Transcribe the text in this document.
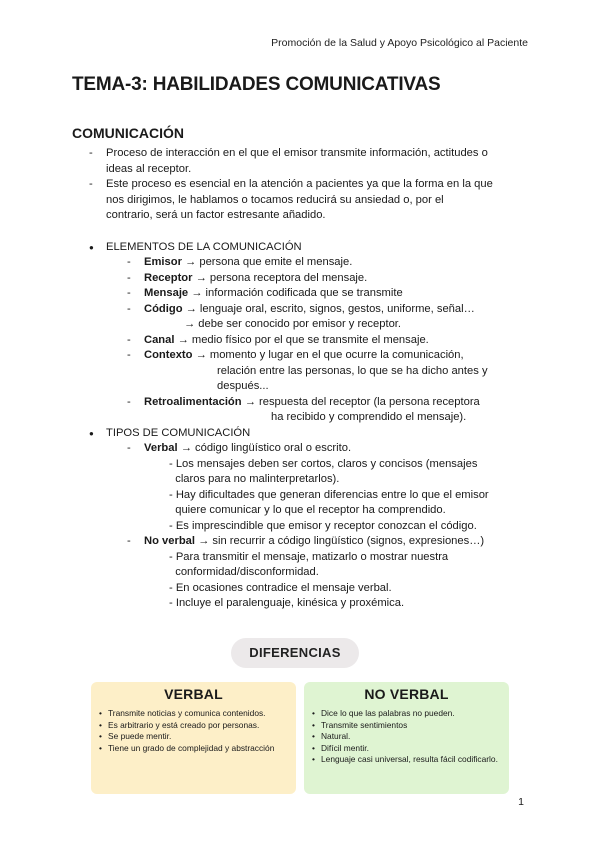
Promoción de la Salud y Apoyo Psicológico al Paciente
TEMA-3: HABILIDADES COMUNICATIVAS
COMUNICACIÓN
- Proceso de interacción en el que el emisor transmite información, actitudes o
ideas al receptor.
- Este proceso es esencial en la atención a pacientes ya que la forma en la que
nos dirigimos, le hablamos o tocamos reducirá su ansiedad o, por el
contrario, será un factor estresante añadido.
● ELEMENTOS DE LA COMUNICACIÓN
- Emisor → persona que emite el mensaje.
- Receptor → persona receptora del mensaje.
- Mensaje → información codificada que se transmite
- Código → lenguaje oral, escrito, signos, gestos, uniforme, señal…
→ debe ser conocido por emisor y receptor.
- Canal → medio físico por el que se transmite el mensaje.
- Contexto → momento y lugar en el que ocurre la comunicación,
relación entre las personas, lo que se ha dicho antes y
después...
- Retroalimentación → respuesta del receptor (la persona receptora
ha recibido y comprendido el mensaje).
● TIPOS DE COMUNICACIÓN
- Verbal → código lingüístico oral o escrito.
- Los mensajes deben ser cortos, claros y concisos (mensajes
claros para no malinterpretarlos).
- Hay dificultades que generan diferencias entre lo que el emisor
quiere comunicar y lo que el receptor ha comprendido.
- Es imprescindible que emisor y receptor conozcan el código.
- No verbal → sin recurrir a código lingüístico (signos, expresiones…)
- Para transmitir el mensaje, matizarlo o mostrar nuestra
conformidad/disconformidad.
- En ocasiones contradice el mensaje verbal.
- Incluye el paralenguaje, kinésica y proxémica.
DIFERENCIAS
VERBAL
• Transmite noticias y comunica contenidos.
• Es arbitrario y está creado por personas.
• Se puede mentir.
• Tiene un grado de complejidad y abstracción
NO VERBAL
• Dice lo que las palabras no pueden.
• Transmite sentimientos
• Natural.
• Difícil mentir.
• Lenguaje casi universal, resulta fácil codificarlo.
1
